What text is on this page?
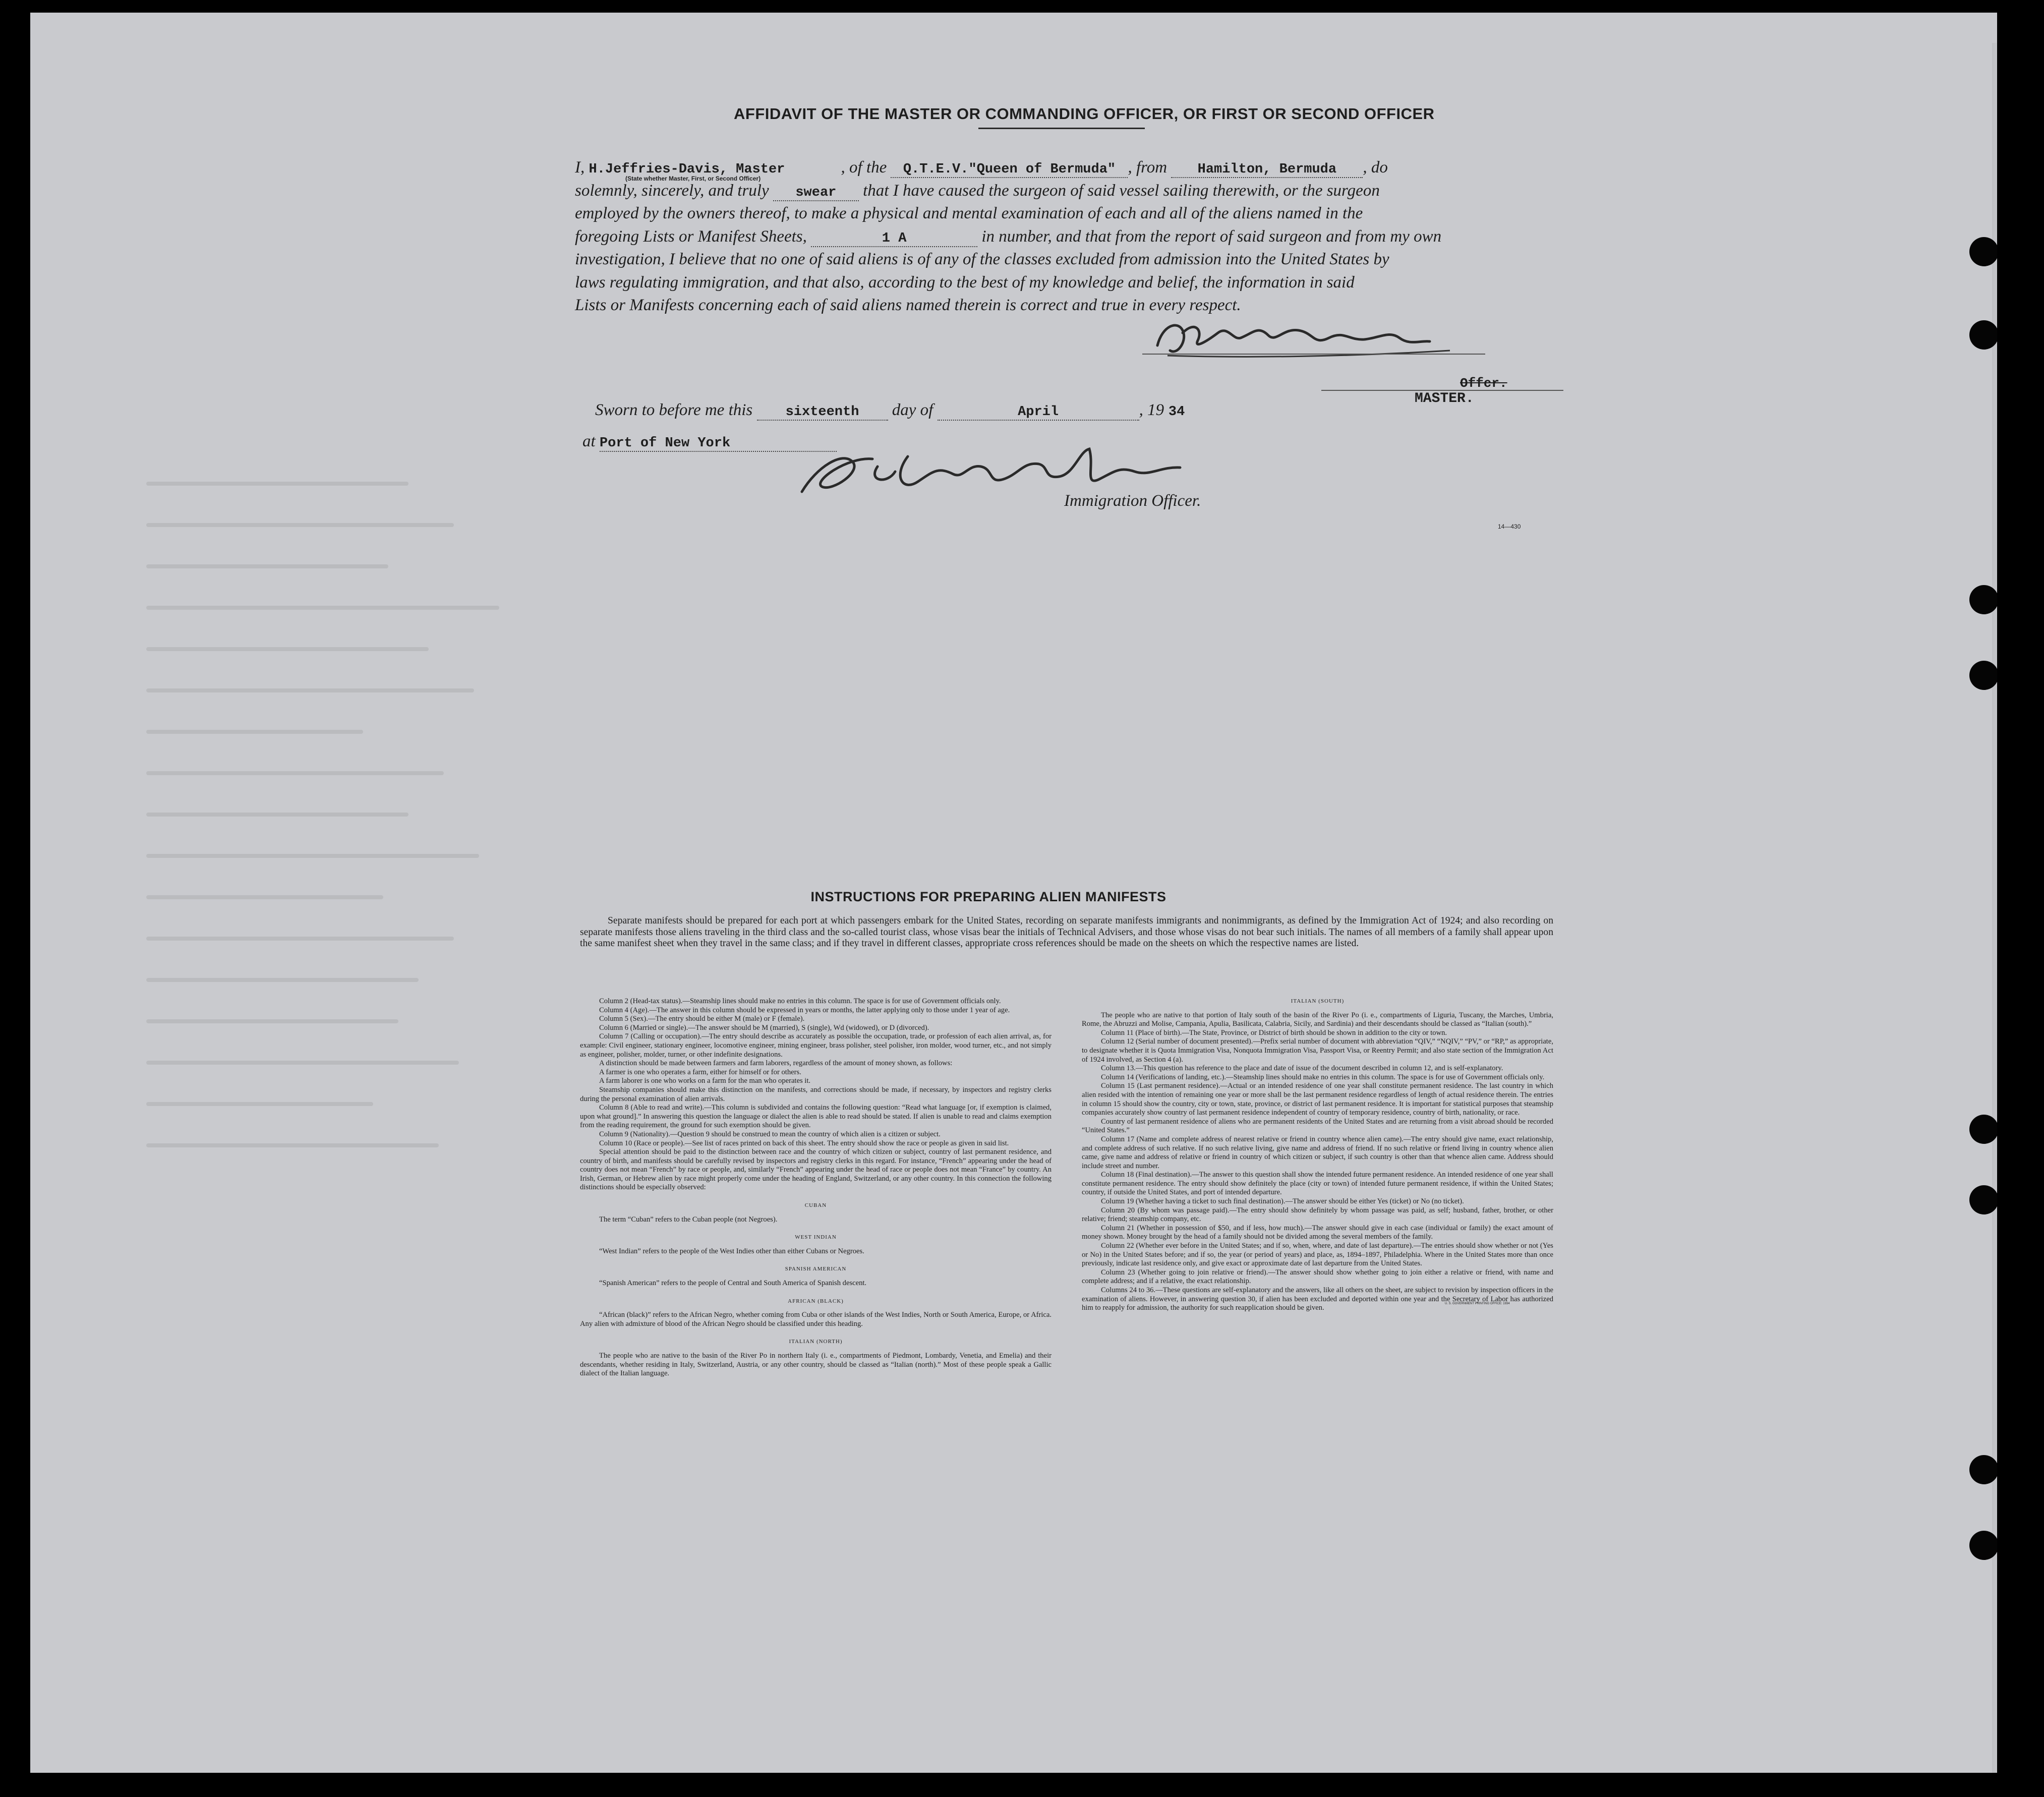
AFFIDAVIT OF THE MASTER OR COMMANDING OFFICER, OR FIRST OR SECOND OFFICER
I, H.Jeffries-Davis, Master	, of the Q.T.E.V."Queen of Bermuda" , from Hamilton, Bermuda , do
solemnly, sincerely, and truly swear that I have caused the surgeon of said vessel sailing therewith, or the surgeon
employed by the owners thereof, to make a physical and mental examination of each and all of the aliens named in the
foregoing Lists or Manifest Sheets,	1 A	in number, and that from the report of said surgeon and from my own
investigation, I believe that no one of said aliens is of any of the classes excluded from admission into the United States by
laws regulating immigration, and that also, according to the best of my knowledge and belief, the information in said
Lists or Manifests concerning each of said aliens named therein is correct and true in every respect.
(State whether Master, First, or Second Officer)
Offcr.
MASTER.
Sworn to before me this sixteenth day of	April	, 19 34
at Port of New York
Immigration Officer.
14—430
INSTRUCTIONS FOR PREPARING ALIEN MANIFESTS
Separate manifests should be prepared for each port at which passengers embark for the United States, recording on separate manifests immigrants and nonimmigrants, as defined by the Immigration Act of 1924; and also recording on separate manifests those aliens traveling in the third class and the so-called tourist class, whose visas bear the initials of Technical Advisers, and those whose visas do not bear such initials. The names of all members of a family shall appear upon the same manifest sheet when they travel in the same class; and if they travel in different classes, appropriate cross references should be made on the sheets on which the respective names are listed.

Column 2 (Head-tax status).—Steamship lines should make no entries in this column. The space is for use of Government officials only.

Column 4 (Age).—The answer in this column should be expressed in years or months, the latter applying only to those under 1 year of age.

Column 5 (Sex).—The entry should be either M (male) or F (female).

Column 6 (Married or single).—The answer should be M (married), S (single), Wd (widowed), or D (divorced).

Column 7 (Calling or occupation).—The entry should describe as accurately as possible the occupation, trade, or profession of each alien arrival, as, for example: Civil engineer, stationary engineer, locomotive engineer, mining engineer, brass polisher, steel polisher, iron molder, wood turner, etc., and not simply as engineer, polisher, molder, turner, or other indefinite designations.

A distinction should be made between farmers and farm laborers, regardless of the amount of money shown, as follows:

A farmer is one who operates a farm, either for himself or for others.

A farm laborer is one who works on a farm for the man who operates it.

Steamship companies should make this distinction on the manifests, and corrections should be made, if necessary, by inspectors and registry clerks during the personal examination of alien arrivals.

Column 8 (Able to read and write).—This column is subdivided and contains the following question: “Read what language [or, if exemption is claimed, upon what ground].” In answering this question the language or dialect the alien is able to read should be stated. If alien is unable to read and claims exemption from the reading requirement, the ground for such exemption should be given.

Column 9 (Nationality).—Question 9 should be construed to mean the country of which alien is a citizen or subject.

Column 10 (Race or people).—See list of races printed on back of this sheet. The entry should show the race or people as given in said list.

Special attention should be paid to the distinction between race and the country of which citizen or subject, country of last permanent residence, and country of birth, and manifests should be carefully revised by inspectors and registry clerks in this regard. For instance, “French” appearing under the head of country does not mean “French” by race or people, and, similarly “French” appearing under the head of race or people does not mean “France” by country. An Irish, German, or Hebrew alien by race might properly come under the heading of England, Switzerland, or any other country. In this connection the following distinctions should be especially observed:

CUBAN

The term “Cuban” refers to the Cuban people (not Negroes).

WEST INDIAN

“West Indian” refers to the people of the West Indies other than either Cubans or Negroes.

SPANISH AMERICAN

“Spanish American” refers to the people of Central and South America of Spanish descent.

AFRICAN (BLACK)

“African (black)” refers to the African Negro, whether coming from Cuba or other islands of the West Indies, North or South America, Europe, or Africa. Any alien with admixture of blood of the African Negro should be classified under this heading.

ITALIAN (NORTH)

The people who are native to the basin of the River Po in northern Italy (i. e., compartments of Piedmont, Lombardy, Venetia, and Emelia) and their descendants, whether residing in Italy, Switzerland, Austria, or any other country, should be classed as “Italian (north).” Most of these people speak a Gallic dialect of the Italian language.

ITALIAN (SOUTH)

The people who are native to that portion of Italy south of the basin of the River Po (i. e., compartments of Liguria, Tuscany, the Marches, Umbria, Rome, the Abruzzi and Molise, Campania, Apulia, Basilicata, Calabria, Sicily, and Sardinia) and their descendants should be classed as “Italian (south).”

Column 11 (Place of birth).—The State, Province, or District of birth should be shown in addition to the city or town.

Column 12 (Serial number of document presented).—Prefix serial number of document with abbreviation “QIV,” “NQIV,” “PV,” or “RP,” as appropriate, to designate whether it is Quota Immigration Visa, Nonquota Immigration Visa, Passport Visa, or Reentry Permit; and also state section of the Immigration Act of 1924 involved, as Section 4 (a).

Column 13.—This question has reference to the place and date of issue of the document described in column 12, and is self-explanatory.

Column 14 (Verifications of landing, etc.).—Steamship lines should make no entries in this column. The space is for use of Government officials only.

Column 15 (Last permanent residence).—Actual or an intended residence of one year shall constitute permanent residence. The last country in which alien resided with the intention of remaining one year or more shall be the last permanent residence regardless of length of actual residence therein. The entries in column 15 should show the country, city or town, state, province, or district of last permanent residence. It is important for statistical purposes that steamship companies accurately show country of last permanent residence independent of country of temporary residence, country of birth, nationality, or race.

Country of last permanent residence of aliens who are permanent residents of the United States and are returning from a visit abroad should be recorded “United States.”

Column 17 (Name and complete address of nearest relative or friend in country whence alien came).—The entry should give name, exact relationship, and complete address of such relative. If no such relative living, give name and address of friend. If no such relative or friend living in country whence alien came, give name and address of relative or friend in country of which citizen or subject, if such country is other than that whence alien came. Address should include street and number.

Column 18 (Final destination).—The answer to this question shall show the intended future permanent residence. An intended residence of one year shall constitute permanent residence. The entry should show definitely the place (city or town) of intended future permanent residence, if within the United States; country, if outside the United States, and port of intended departure.

Column 19 (Whether having a ticket to such final destination).—The answer should be either Yes (ticket) or No (no ticket).

Column 20 (By whom was passage paid).—The entry should show definitely by whom passage was paid, as self; husband, father, brother, or other relative; friend; steamship company, etc.

Column 21 (Whether in possession of $50, and if less, how much).—The answer should give in each case (individual or family) the exact amount of money shown. Money brought by the head of a family should not be divided among the several members of the family.

Column 22 (Whether ever before in the United States; and if so, when, where, and date of last departure).—The entries should show whether or not (Yes or No) in the United States before; and if so, the year (or period of years) and place, as, 1894–1897, Philadelphia. Where in the United States more than once previously, indicate last residence only, and give exact or approximate date of last departure from the United States.

Column 23 (Whether going to join relative or friend).—The answer should show whether going to join either a relative or friend, with name and complete address; and if a relative, the exact relationship.

Columns 24 to 36.—These questions are self-explanatory and the answers, like all others on the sheet, are subject to revision by inspection officers in the examination of aliens. However, in answering question 30, if alien has been excluded and deported within one year and the Secretary of Labor has authorized him to reapply for admission, the authority for such reapplication should be given.	U. S. GOVERNMENT PRINTING OFFICE: 1934
